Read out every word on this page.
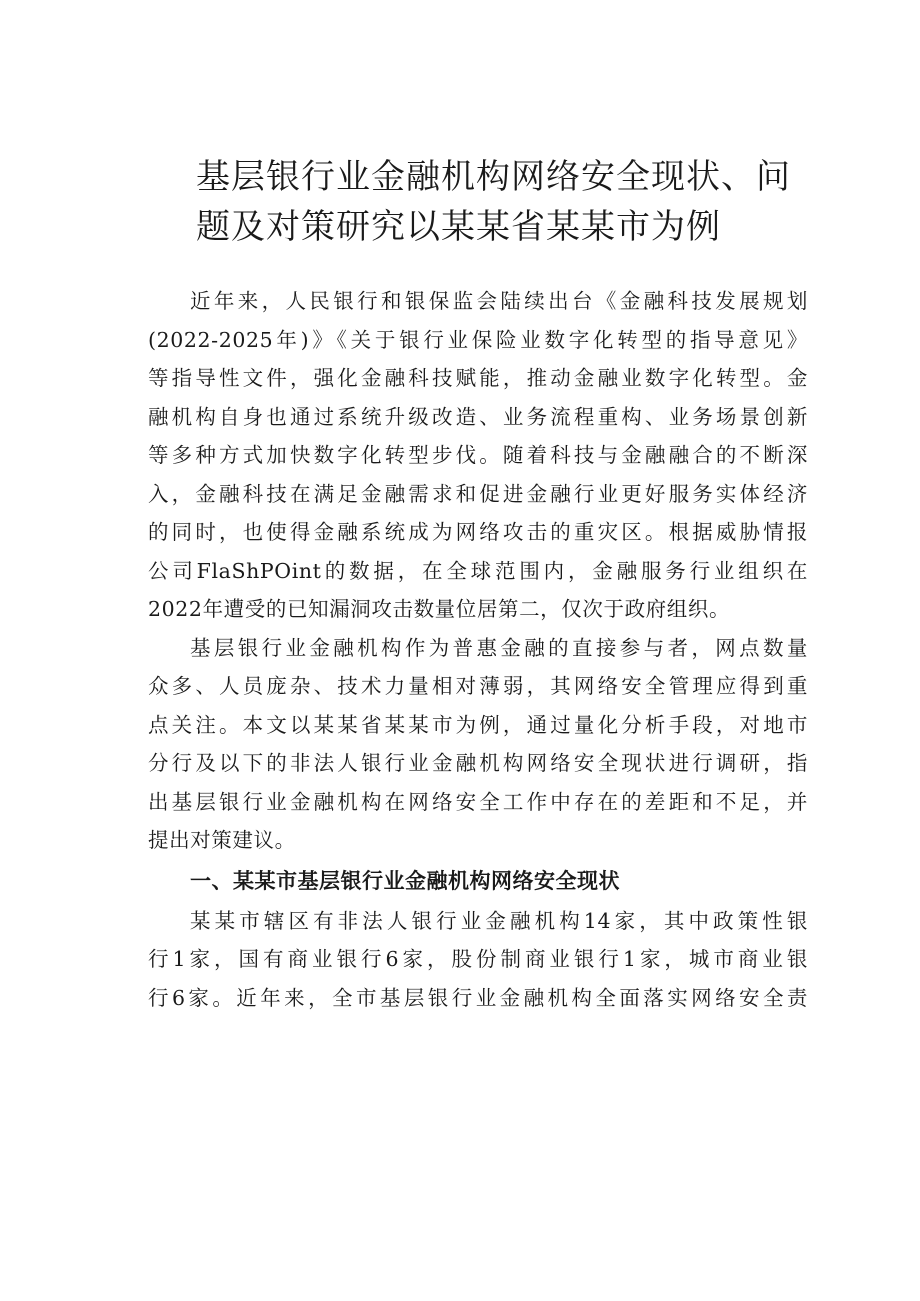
基层银行业金融机构网络安全现状、问
题及对策研究以某某省某某市为例
近年来，人民银行和银保监会陆续出台《金融科技发展规划
(2022-2025年)》《关于银行业保险业数字化转型的指导意见》
等指导性文件，强化金融科技赋能，推动金融业数字化转型。金
融机构自身也通过系统升级改造、业务流程重构、业务场景创新
等多种方式加快数字化转型步伐。随着科技与金融融合的不断深
入，金融科技在满足金融需求和促进金融行业更好服务实体经济
的同时，也使得金融系统成为网络攻击的重灾区。根据威胁情报
公司FlaShPOint的数据，在全球范围内，金融服务行业组织在
2022年遭受的已知漏洞攻击数量位居第二，仅次于政府组织。
基层银行业金融机构作为普惠金融的直接参与者，网点数量
众多、人员庞杂、技术力量相对薄弱，其网络安全管理应得到重
点关注。本文以某某省某某市为例，通过量化分析手段，对地市
分行及以下的非法人银行业金融机构网络安全现状进行调研，指
出基层银行业金融机构在网络安全工作中存在的差距和不足，并
提出对策建议。
一、某某市基层银行业金融机构网络安全现状
某某市辖区有非法人银行业金融机构14家，其中政策性银
行1家，国有商业银行6家，股份制商业银行1家，城市商业银
行6家。近年来，全市基层银行业金融机构全面落实网络安全责
